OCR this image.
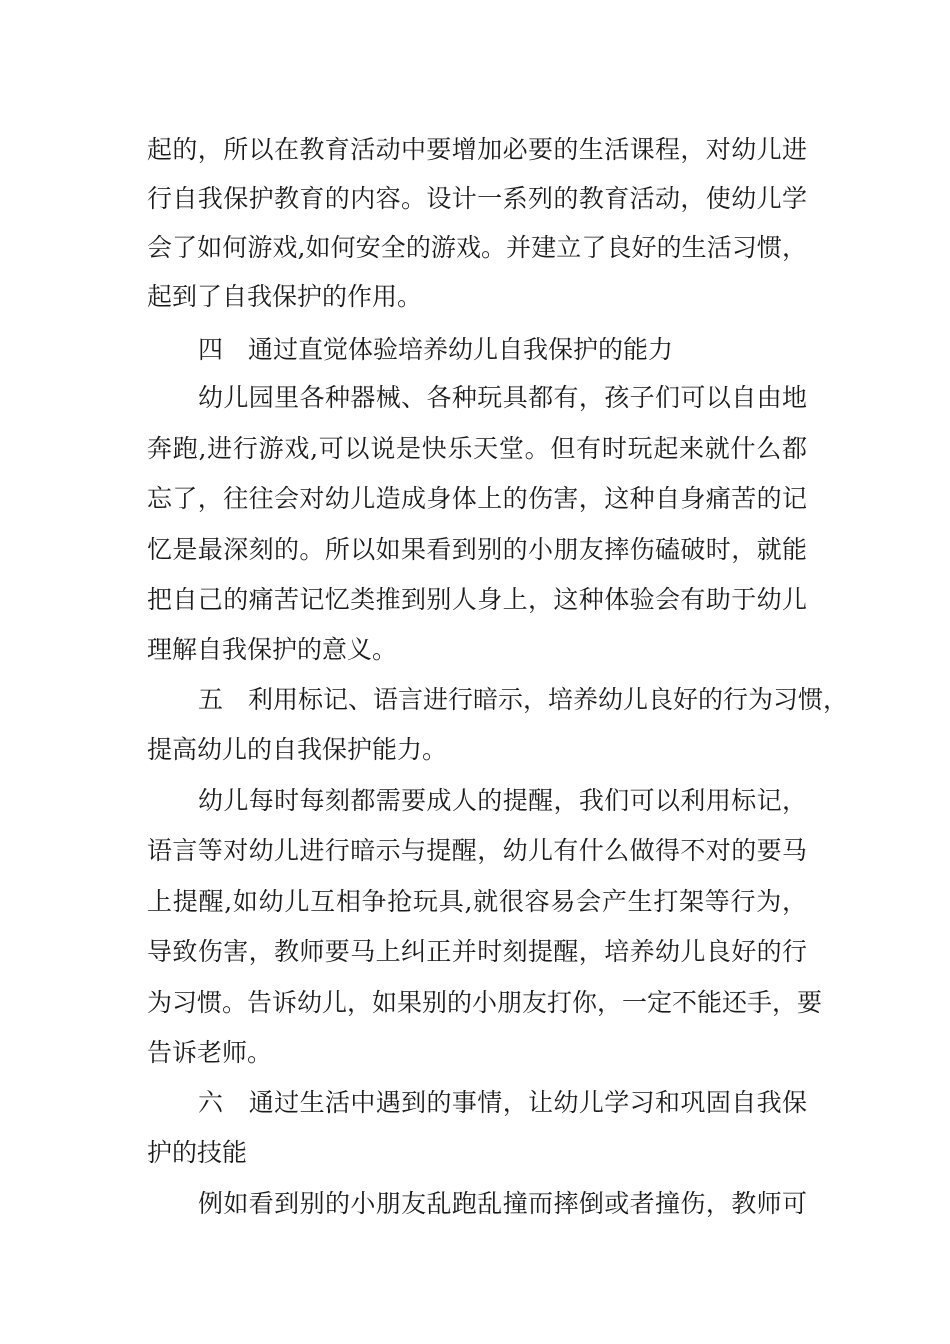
起的，所以在教育活动中要增加必要的生活课程，对幼儿进
行自我保护教育的内容。设计一系列的教育活动，使幼儿学
会了如何游戏,如何安全的游戏。并建立了良好的生活习惯，
起到了自我保护的作用。
四　通过直觉体验培养幼儿自我保护的能力
幼儿园里各种器械、各种玩具都有，孩子们可以自由地
奔跑,进行游戏,可以说是快乐天堂。但有时玩起来就什么都
忘了，往往会对幼儿造成身体上的伤害，这种自身痛苦的记
忆是最深刻的。所以如果看到别的小朋友摔伤磕破时，就能
把自己的痛苦记忆类推到别人身上，这种体验会有助于幼儿
理解自我保护的意义。
五　利用标记、语言进行暗示，培养幼儿良好的行为习惯，
提高幼儿的自我保护能力。
幼儿每时每刻都需要成人的提醒，我们可以利用标记，
语言等对幼儿进行暗示与提醒，幼儿有什么做得不对的要马
上提醒,如幼儿互相争抢玩具,就很容易会产生打架等行为，
导致伤害，教师要马上纠正并时刻提醒，培养幼儿良好的行
为习惯。告诉幼儿，如果别的小朋友打你，一定不能还手，要
告诉老师。
六　通过生活中遇到的事情，让幼儿学习和巩固自我保
护的技能
例如看到别的小朋友乱跑乱撞而摔倒或者撞伤，教师可
